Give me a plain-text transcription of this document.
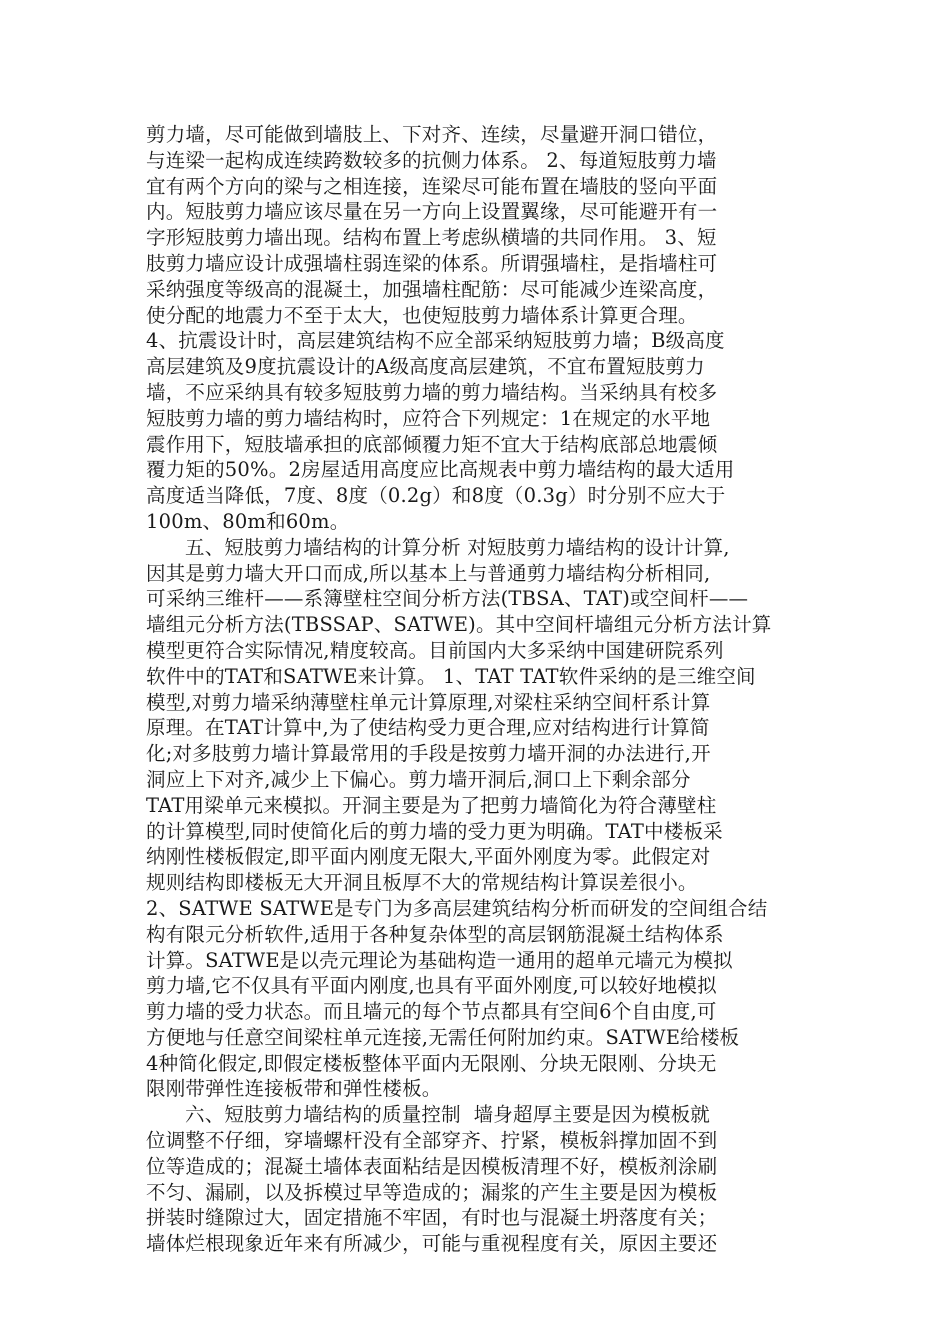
剪力墙，尽可能做到墙肢上、下对齐、连续，尽量避开洞口错位，
与连梁一起构成连续跨数较多的抗侧力体系。 2、每道短肢剪力墙
宜有两个方向的梁与之相连接，连梁尽可能布置在墙肢的竖向平面
内。短肢剪力墙应该尽量在另一方向上设置翼缘，尽可能避开有一
字形短肢剪力墙出现。结构布置上考虑纵横墙的共同作用。 3、短
肢剪力墙应设计成强墙柱弱连梁的体系。所谓强墙柱，是指墙柱可
采纳强度等级高的混凝土，加强墙柱配筋：尽可能减少连梁高度，
使分配的地震力不至于太大，也使短肢剪力墙体系计算更合理。
4、抗震设计时，高层建筑结构不应全部采纳短肢剪力墙；B级高度
高层建筑及9度抗震设计的A级高度高层建筑，不宜布置短肢剪力
墙，不应采纳具有较多短肢剪力墙的剪力墙结构。当采纳具有校多
短肢剪力墙的剪力墙结构时，应符合下列规定：1在规定的水平地
震作用下，短肢墙承担的底部倾覆力矩不宜大于结构底部总地震倾
覆力矩的50%。2房屋适用高度应比高规表中剪力墙结构的最大适用
高度适当降低，7度、8度（0.2g）和8度（0.3g）时分别不应大于
100m、80m和60m。
五、短肢剪力墙结构的计算分析 对短肢剪力墙结构的设计计算,
因其是剪力墙大开口而成,所以基本上与普通剪力墙结构分析相同,
可采纳三维杆——系簿壁柱空间分析方法(TBSA、TAT)或空间杆——
墙组元分析方法(TBSSAP、SATWE)。其中空间杆墙组元分析方法计算
模型更符合实际情况,精度较高。目前国内大多采纳中国建研院系列
软件中的TAT和SATWE来计算。 1、TAT TAT软件采纳的是三维空间
模型,对剪力墙采纳薄壁柱单元计算原理,对梁柱采纳空间杆系计算
原理。在TAT计算中,为了使结构受力更合理,应对结构进行计算简
化;对多肢剪力墙计算最常用的手段是按剪力墙开洞的办法进行,开
洞应上下对齐,减少上下偏心。剪力墙开洞后,洞口上下剩余部分
TAT用梁单元来模拟。开洞主要是为了把剪力墙简化为符合薄壁柱
的计算模型,同时使简化后的剪力墙的受力更为明确。TAT中楼板采
纳刚性楼板假定,即平面内刚度无限大,平面外刚度为零。此假定对
规则结构即楼板无大开洞且板厚不大的常规结构计算误差很小。
2、SATWE SATWE是专门为多高层建筑结构分析而研发的空间组合结
构有限元分析软件,适用于各种复杂体型的高层钢筋混凝土结构体系
计算。SATWE是以壳元理论为基础构造一通用的超单元墙元为模拟
剪力墙,它不仅具有平面内刚度,也具有平面外刚度,可以较好地模拟
剪力墙的受力状态。而且墙元的每个节点都具有空间6个自由度,可
方便地与任意空间梁柱单元连接,无需任何附加约束。SATWE给楼板
4种简化假定,即假定楼板整体平面内无限刚、分块无限刚、分块无
限刚带弹性连接板带和弹性楼板。
六、短肢剪力墙结构的质量控制  墙身超厚主要是因为模板就
位调整不仔细，穿墙螺杆没有全部穿齐、拧紧，模板斜撑加固不到
位等造成的；混凝土墙体表面粘结是因模板清理不好，模板剂涂刷
不匀、漏刷，以及拆模过早等造成的；漏浆的产生主要是因为模板
拼装时缝隙过大，固定措施不牢固，有时也与混凝土坍落度有关；
墙体烂根现象近年来有所减少，可能与重视程度有关，原因主要还
